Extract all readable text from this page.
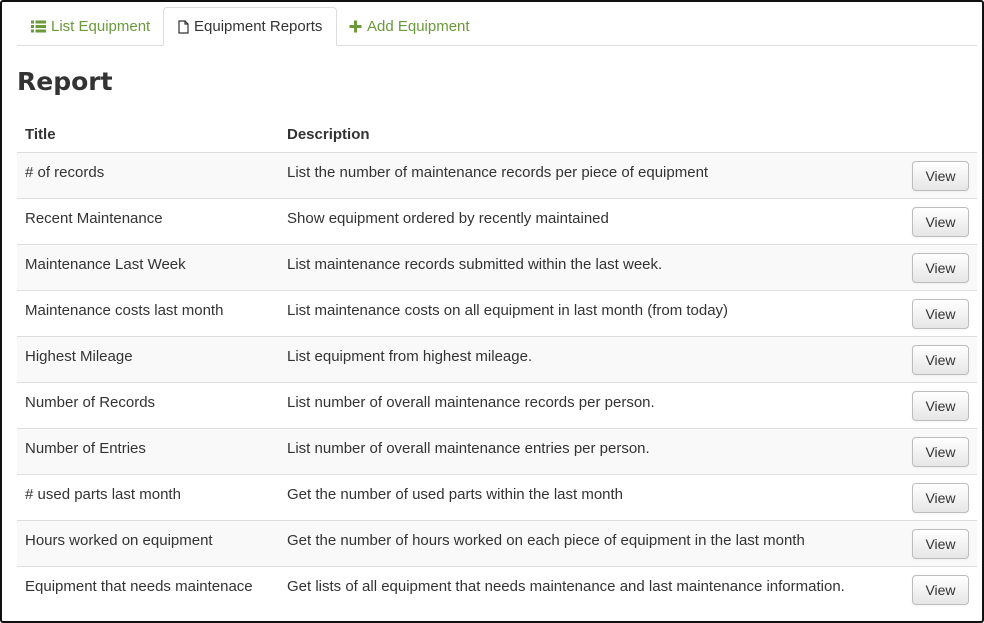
List Equipment	Equipment Reports	Add Equipment
Report
Title	Description	
# of records	List the number of maintenance records per piece of equipment	View
Recent Maintenance	Show equipment ordered by recently maintained	View
Maintenance Last Week	List maintenance records submitted within the last week.	View
Maintenance costs last month	List maintenance costs on all equipment in last month (from today)	View
Highest Mileage	List equipment from highest mileage.	View
Number of Records	List number of overall maintenance records per person.	View
Number of Entries	List number of overall maintenance entries per person.	View
# used parts last month	Get the number of used parts within the last month	View
Hours worked on equipment	Get the number of hours worked on each piece of equipment in the last month	View
Equipment that needs maintenace	Get lists of all equipment that needs maintenance and last maintenance information.	View
